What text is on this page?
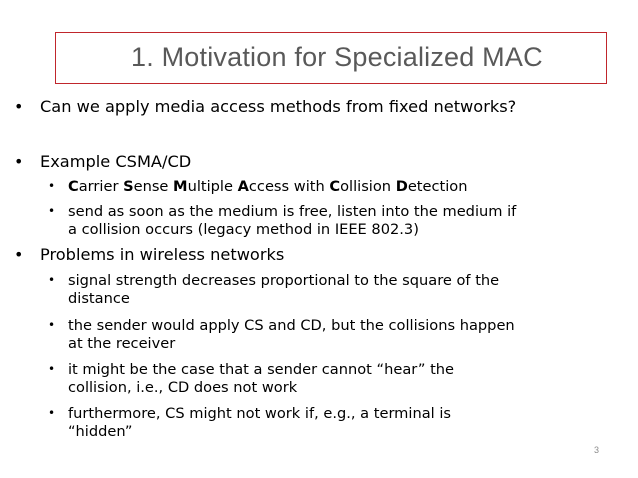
1. Motivation for Specialized MAC
• Can we apply media access methods from fixed networks?
• Example CSMA/CD
• Carrier Sense Multiple Access with Collision Detection
• send as soon as the medium is free, listen into the medium if
a collision occurs (legacy method in IEEE 802.3)
• Problems in wireless networks
• signal strength decreases proportional to the square of the
distance
• the sender would apply CS and CD, but the collisions happen
at the receiver
• it might be the case that a sender cannot “hear” the
collision, i.e., CD does not work
• furthermore, CS might not work if, e.g., a terminal is
“hidden”
3
